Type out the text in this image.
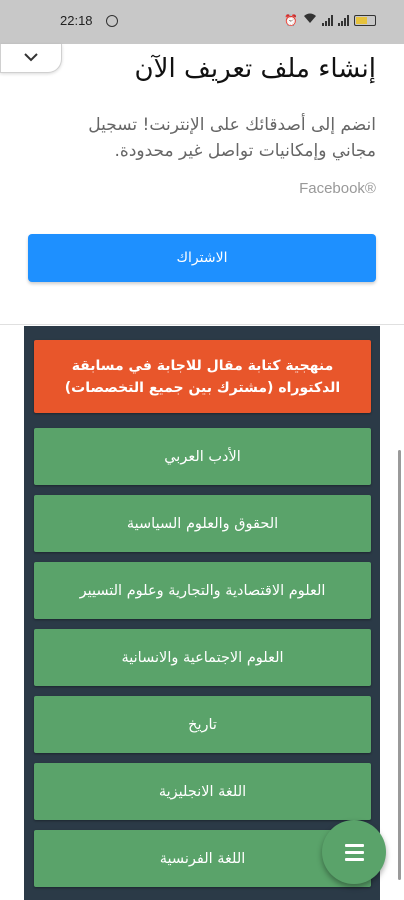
22:18	⏰
إنشاء ملف تعريف الآن
انضم إلى أصدقائك على الإنترنت! تسجيل مجاني وإمكانيات تواصل غير محدودة.
Facebook®
الاشتراك
منهجية كتابة مقال للاجابة في مسابقة الدكتوراه (مشترك بين جميع التخصصات)
الأدب العربي
الحقوق والعلوم السياسية
العلوم الاقتصادية والتجارية وعلوم التسيير
العلوم الاجتماعية والانسانية
تاريخ
اللغة الانجليزية
اللغة الفرنسية
